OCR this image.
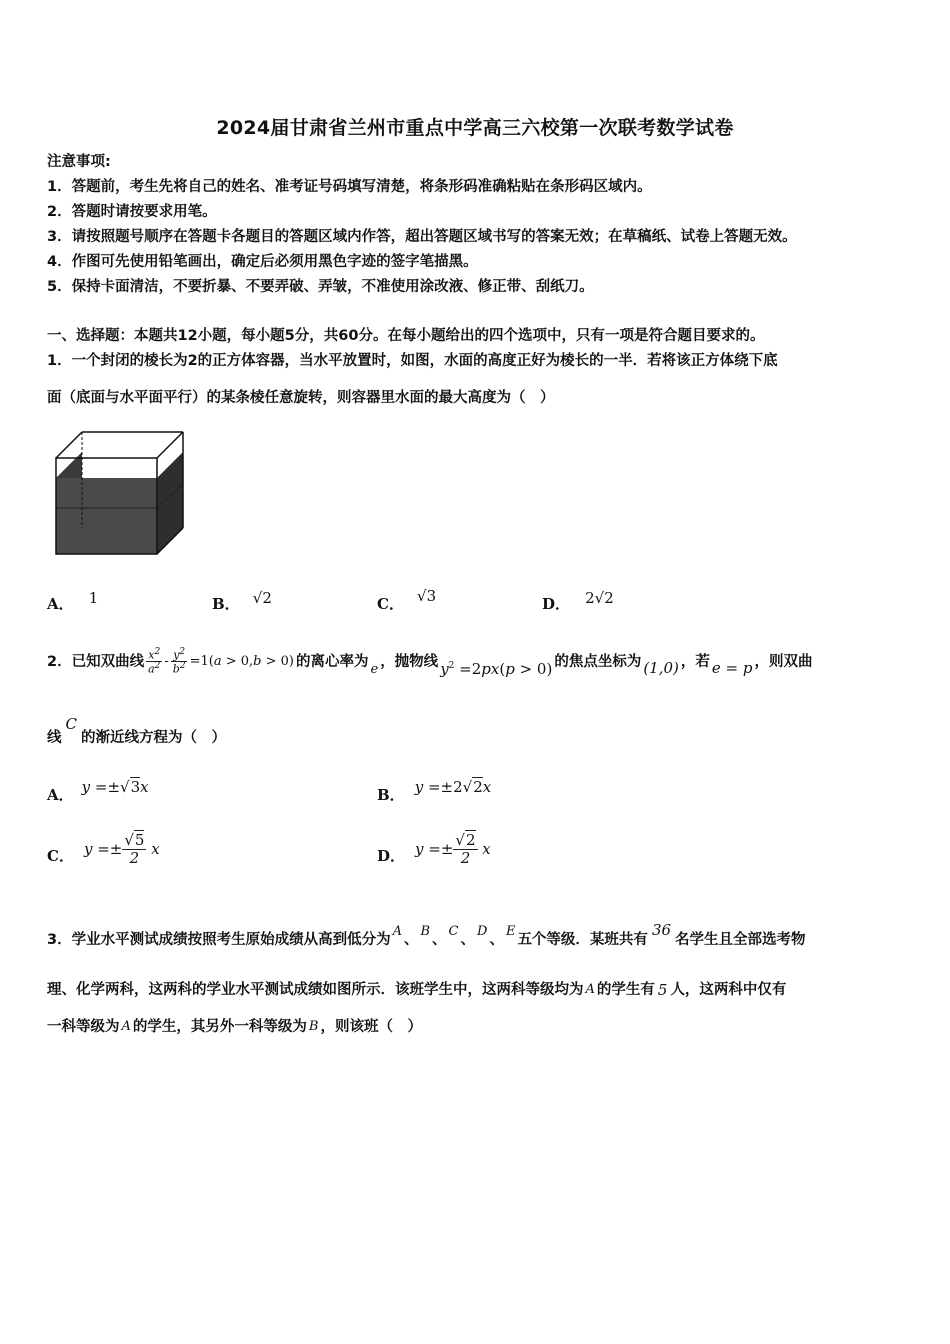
2024届甘肃省兰州市重点中学高三六校第一次联考数学试卷
注意事项:
1．答题前，考生先将自己的姓名、准考证号码填写清楚，将条形码准确粘贴在条形码区域内。
2．答题时请按要求用笔。
3．请按照题号顺序在答题卡各题目的答题区域内作答，超出答题区域书写的答案无效；在草稿纸、试卷上答题无效。
4．作图可先使用铅笔画出，确定后必须用黑色字迹的签字笔描黑。
5．保持卡面清洁，不要折暴、不要弄破、弄皱，不准使用涂改液、修正带、刮纸刀。
一、选择题：本题共12小题，每小题5分，共60分。在每小题给出的四个选项中，只有一项是符合题目要求的。
1．一个封闭的棱长为2的正方体容器，当水平放置时，如图，水面的高度正好为棱长的一半．若将该正方体绕下底
面（底面与水平面平行）的某条棱任意旋转，则容器里水面的最大高度为（　）
A． 1	B． √2	C． √3	D． 2√2
2．已知双曲线 $\frac{x^2}{a^2} - \frac{y^2}{b^2} =1(a > 0,b > 0)$ 的离心率为 e ，抛物线 $y^2 =2px(p > 0)$ 的焦点坐标为 (1,0) ，若 e = p ，则双曲
线
C
的渐近线方程为（　）
A． y =±√3x	B． y =±2√2x
C． $y =\pm \frac{√5}{2}$ x	D． $y =\pm \frac{√2}{2}$ x
3．学业水平测试成绩按照考生原始成绩从高到低分为
A
、
B
、
C
、
D
、
E
五个等级．某班共有
36
名学生且全部选考物
理、化学两科，这两科的学业水平测试成绩如图所示．该班学生中，这两科等级均为 A 的学生有 5 人，这两科中仅有
一科等级为 A 的学生，其另外一科等级为 B ，则该班（　）
